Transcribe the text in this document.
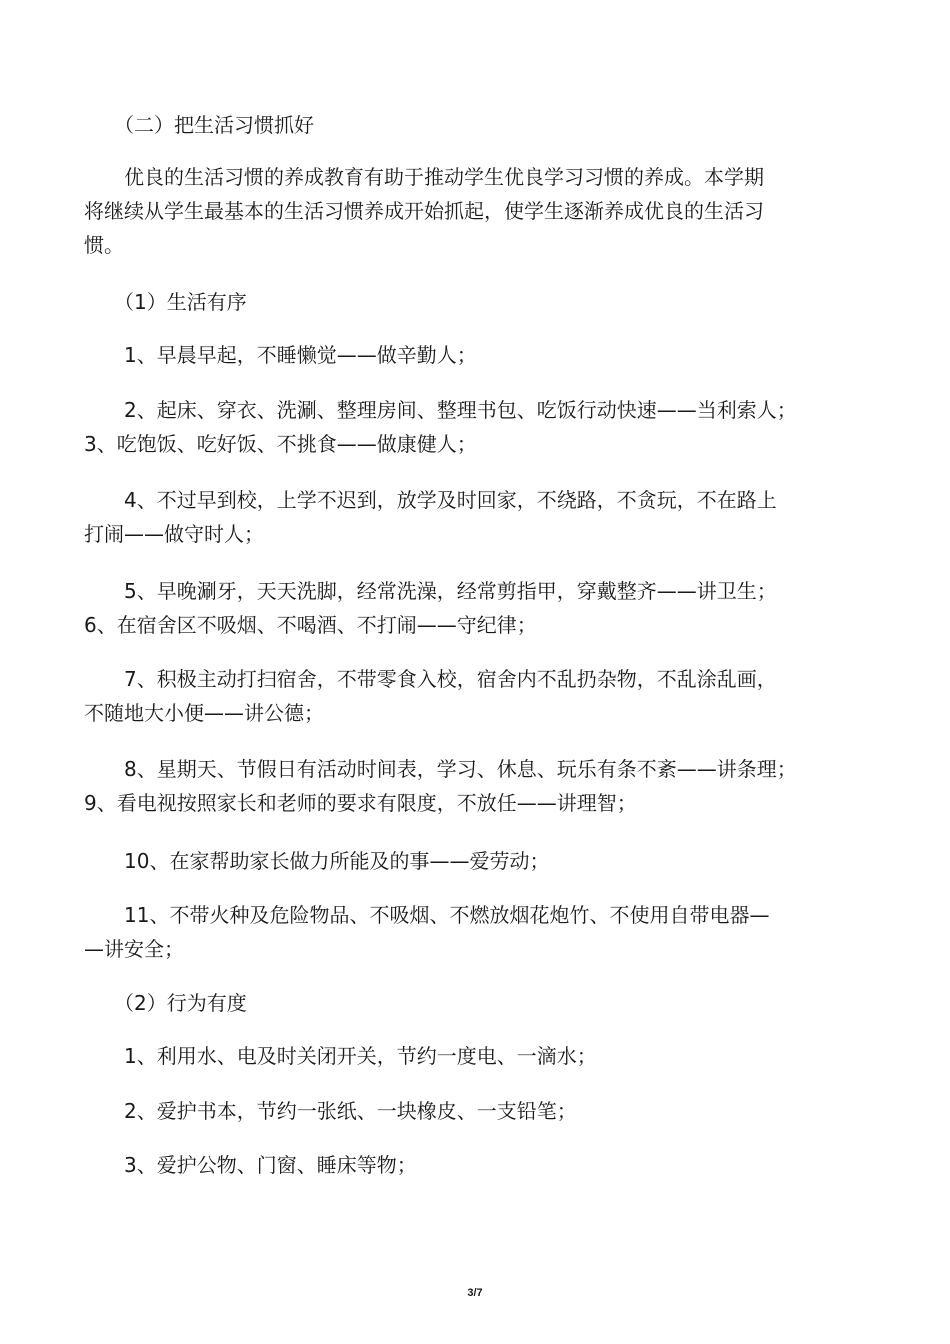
　　（二）把生活习惯抓好
　　优良的生活习惯的养成教育有助于推动学生优良学习习惯的养成。本学期
将继续从学生最基本的生活习惯养成开始抓起，使学生逐渐养成优良的生活习
惯。
　　（1）生活有序
　　1、早晨早起，不睡懒觉——做辛勤人；
　　2、起床、穿衣、洗涮、整理房间、整理书包、吃饭行动快速——当利索人；
3、吃饱饭、吃好饭、不挑食——做康健人；
　　4、不过早到校，上学不迟到，放学及时回家，不绕路，不贪玩，不在路上
打闹——做守时人；
　　5、早晚涮牙，天天洗脚，经常洗澡，经常剪指甲，穿戴整齐——讲卫生；
6、在宿舍区不吸烟、不喝酒、不打闹——守纪律；
　　7、积极主动打扫宿舍，不带零食入校，宿舍内不乱扔杂物，不乱涂乱画，
不随地大小便——讲公德；
　　8、星期天、节假日有活动时间表，学习、休息、玩乐有条不紊——讲条理；
9、看电视按照家长和老师的要求有限度，不放任——讲理智；
　　10、在家帮助家长做力所能及的事——爱劳动；
　　11、不带火种及危险物品、不吸烟、不燃放烟花炮竹、不使用自带电器—
—讲安全；
　　（2）行为有度
　　1、利用水、电及时关闭开关，节约一度电、一滴水；
　　2、爱护书本，节约一张纸、一块橡皮、一支铅笔；
　　3、爱护公物、门窗、睡床等物；
3/7
